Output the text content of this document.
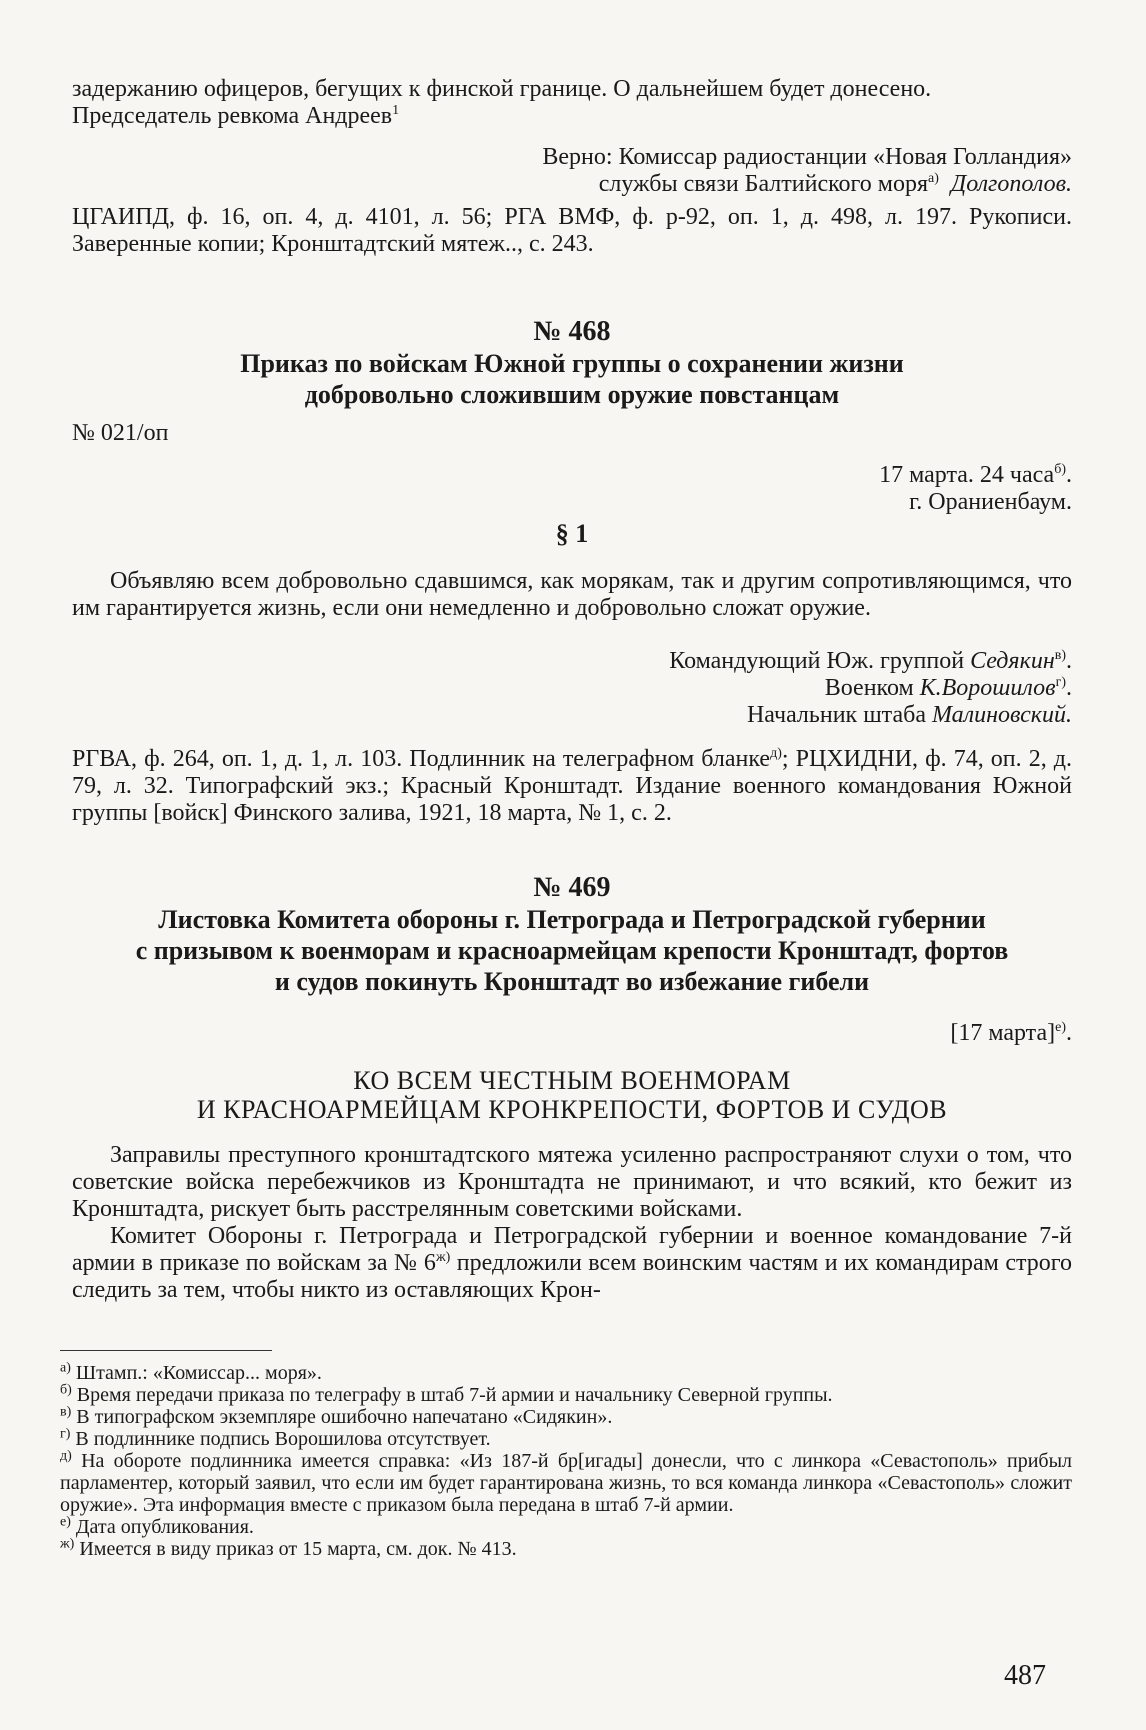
задержанию офицеров, бегущих к финской границе. О дальнейшем будет донесено.

Председатель ревкома Андреев$^1$

Верно: Комиссар радиостанции «Новая Голландия»

службы связи Балтийского моря$^{а)}$ Долгополов.

ЦГАИПД, ф. 16, оп. 4, д. 4101, л. 56; РГА ВМФ, ф. р-92, оп. 1, д. 498, л. 197. Рукописи. Заверенные копии; Кронштадтский мятеж.., с. 243.

№ 468
Приказ по войскам Южной группы о сохранении жизни
добровольно сложившим оружие повстанцам

№ 021/оп

17 марта. 24 часа$^{б)}$.

г. Ораниенбаум.

§ 1

Объявляю всем добровольно сдавшимся, как морякам, так и другим сопротивляющимся, что им гарантируется жизнь, если они немедленно и добровольно сложат оружие.

Командующий Юж. группой Седякин$^{в)}$.

Военком К.Ворошилов$^{г)}$.

Начальник штаба Малиновский.

РГВА, ф. 264, оп. 1, д. 1, л. 103. Подлинник на телеграфном бланке$^{д)}$; РЦХИДНИ, ф. 74, оп. 2, д. 79, л. 32. Типографский экз.; Красный Кронштадт. Издание военного командования Южной группы [войск] Финского залива, 1921, 18 марта, № 1, с. 2.

№ 469
Листовка Комитета обороны г. Петрограда и Петроградской губернии
с призывом к военморам и красноармейцам крепости Кронштадт, фортов
и судов покинуть Кронштадт во избежание гибели

[17 марта]$^{е)}$.

КО ВСЕМ ЧЕСТНЫМ ВОЕНМОРАМ
И КРАСНОАРМЕЙЦАМ КРОНКРЕПОСТИ, ФОРТОВ И СУДОВ

Заправилы преступного кронштадтского мятежа усиленно распространяют слухи о том, что советские войска перебежчиков из Кронштадта не принимают, и что всякий, кто бежит из Кронштадта, рискует быть расстрелянным советскими войсками.

Комитет Обороны г. Петрограда и Петроградской губернии и военное командование 7-й армии в приказе по войскам за № $6^{ж)}$ предложили всем воинским частям и их командирам строго следить за тем, чтобы никто из оставляющих Крон-

$^{а)}$ Штамп.: «Комиссар... моря».

$^{б)}$ Время передачи приказа по телеграфу в штаб 7-й армии и начальнику Северной группы.

$^{в)}$ В типографском экземпляре ошибочно напечатано «Сидякин».

$^{г)}$ В подлиннике подпись Ворошилова отсутствует.

$^{д)}$ На обороте подлинника имеется справка: «Из 187-й бр[игады] донесли, что с линкора «Севастополь» прибыл парламентер, который заявил, что если им будет гарантирована жизнь, то вся команда линкора «Севастополь» сложит оружие». Эта информация вместе с приказом была передана в штаб 7-й армии.

$^{е)}$ Дата опубликования.

$^{ж)}$ Имеется в виду приказ от 15 марта, см. док. № 413.

487
